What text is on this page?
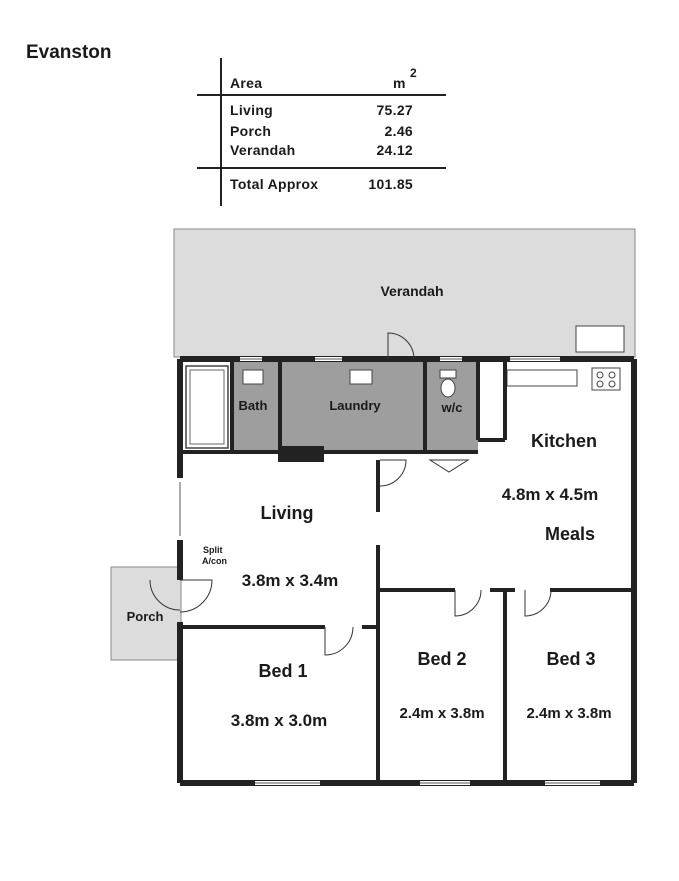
Evanston
Area	m
2
Living	75.27
Porch	2.46
Verandah	24.12
Total Approx	101.85
Verandah
Bath	Laundry	w/c
Kitchen
4.8m x 4.5m
Meals
Living
3.8m x 3.4m
Split
A/con
Porch
Bed 1
3.8m x 3.0m
Bed 2
2.4m x 3.8m
Bed 3
2.4m x 3.8m
